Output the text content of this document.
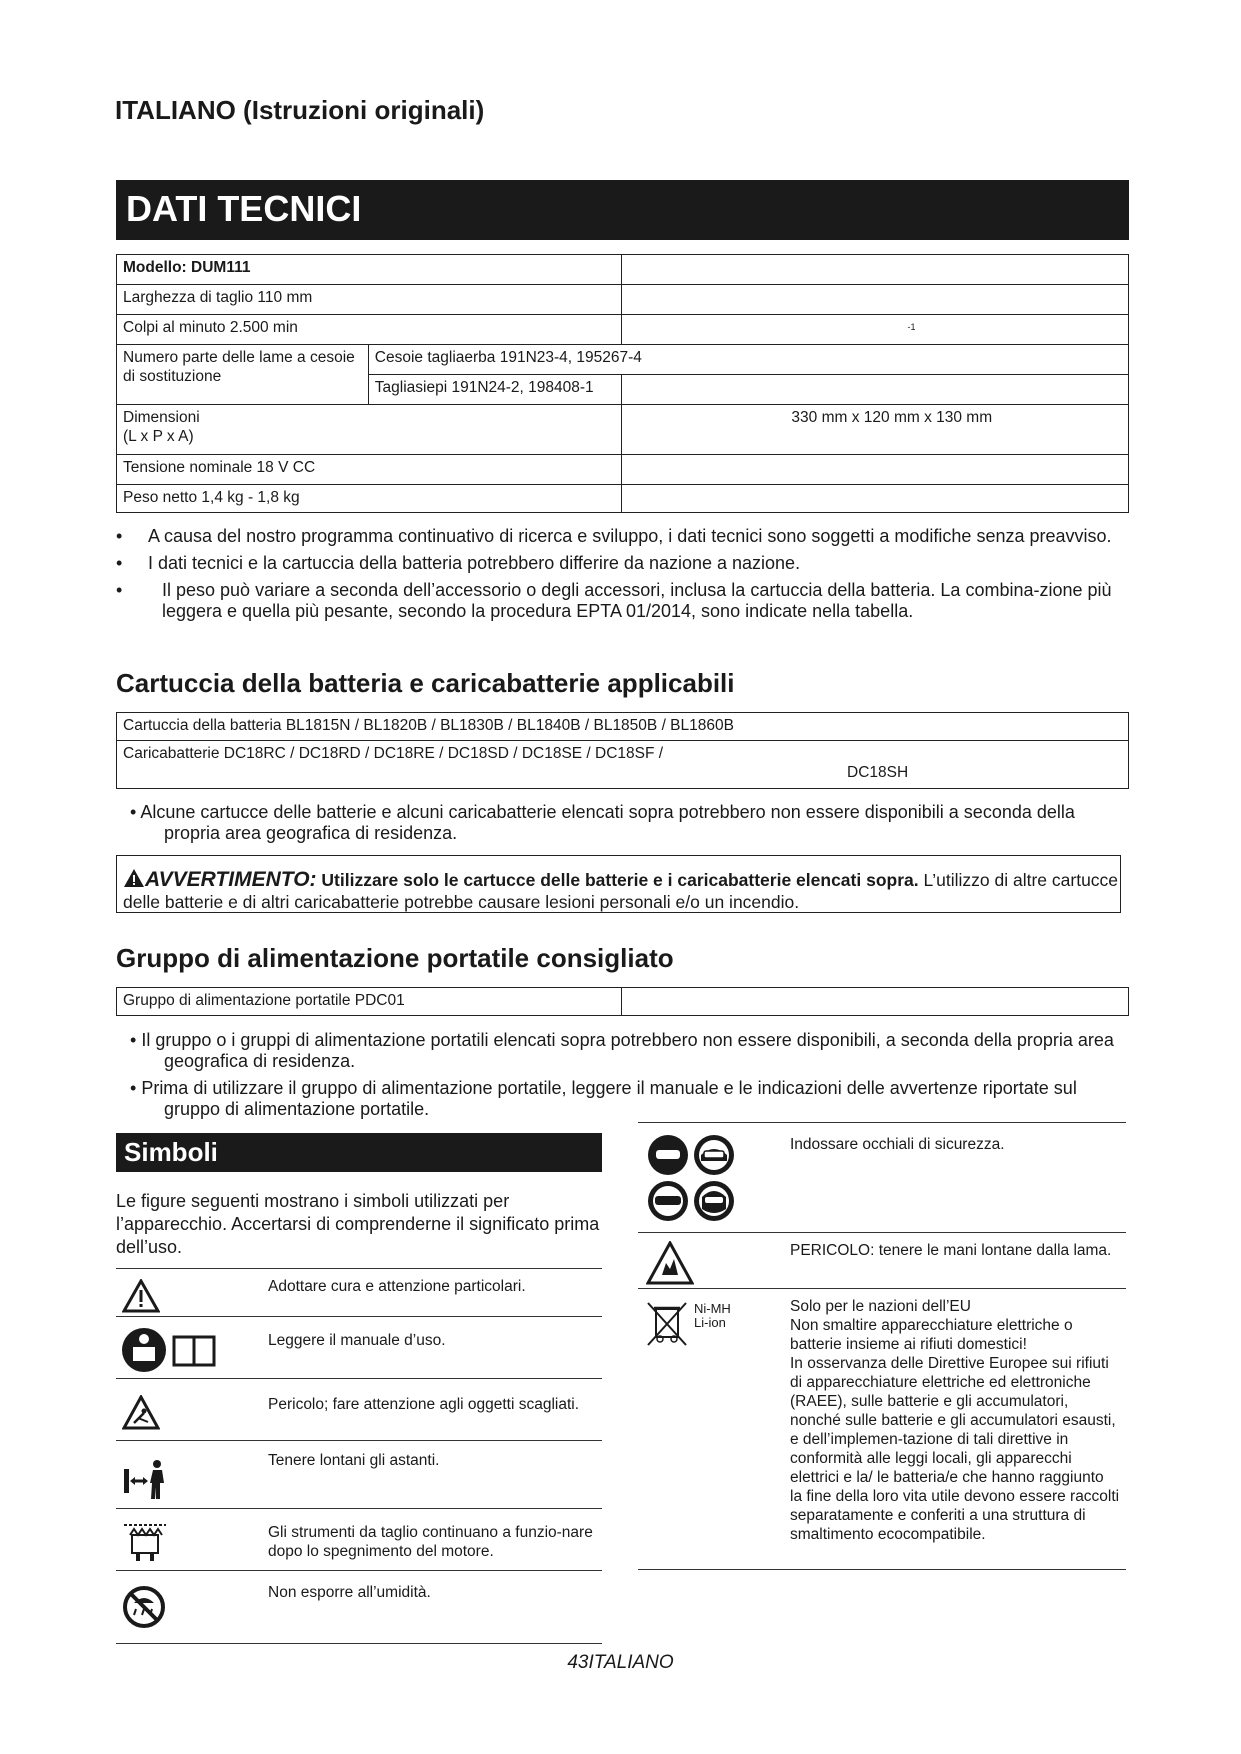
ITALIANO (Istruzioni originali)
DATI TECNICI
Modello: DUM111		
Larghezza di taglio 110 mm		
Colpi al minuto 2.500 min		$^{-1}$
Numero parte delle lame a cesoie di sostituzione	Cesoie tagliaerba 191N23-4, 195267-4	
	Tagliasiepi 191N24-2, 198408-1	
Dimensioni
(L x P x A)		330 mm x 120 mm x 130 mm
Tensione nominale 18 V CC		
Peso netto 1,4 kg - 1,8 kg		
• A causa del nostro programma continuativo di ricerca e sviluppo, i dati tecnici sono soggetti a modifiche senza preavviso.
• I dati tecnici e la cartuccia della batteria potrebbero differire da nazione a nazione.
• Il peso può variare a seconda dell’accessorio o degli accessori, inclusa la cartuccia della batteria. La combina-zione più leggera e quella più pesante, secondo la procedura EPTA 01/2014, sono indicate nella tabella.
Cartuccia della batteria e caricabatterie applicabili
Cartuccia della batteria BL1815N / BL1820B / BL1830B / BL1840B / BL1850B / BL1860B
Caricabatterie DC18RC / DC18RD / DC18RE / DC18SD / DC18SE / DC18SF /
DC18SH
• Alcune cartucce delle batterie e alcuni caricabatterie elencati sopra potrebbero non essere disponibili a seconda della propria area geografica di residenza.
AVVERTIMENTO: Utilizzare solo le cartucce delle batterie e i caricabatterie elencati sopra. L’utilizzo di altre cartucce delle batterie e di altri caricabatterie potrebbe causare lesioni personali e/o un incendio.
Gruppo di alimentazione portatile consigliato
Gruppo di alimentazione portatile PDC01	
• Il gruppo o i gruppi di alimentazione portatili elencati sopra potrebbero non essere disponibili, a seconda della propria area geografica di residenza.
• Prima di utilizzare il gruppo di alimentazione portatile, leggere il manuale e le indicazioni delle avvertenze riportate sul gruppo di alimentazione portatile.
Simboli
Le figure seguenti mostrano i simboli utilizzati per l’apparecchio. Accertarsi di comprenderne il significato prima dell’uso.
Adottare cura e attenzione particolari.
Leggere il manuale d’uso.
Pericolo; fare attenzione agli oggetti scagliati.
Tenere lontani gli astanti.
Gli strumenti da taglio continuano a funzio-nare dopo lo spegnimento del motore.
Non esporre all’umidità.
Indossare occhiali di sicurezza.
PERICOLO: tenere le mani lontane dalla lama.
Ni-MH
Li-ion
Solo per le nazioni dell’EU
Non smaltire apparecchiature elettriche o batterie insieme ai rifiuti domestici!
In osservanza delle Direttive Europee sui rifiuti di apparecchiature elettriche ed elettroniche (RAEE), sulle batterie e gli accumulatori, nonché sulle batterie e gli accumulatori esausti, e dell’implemen-tazione di tali direttive in conformità alle leggi locali, gli apparecchi elettrici e la/ le batteria/e che hanno raggiunto la fine della loro vita utile devono essere raccolti separatamente e conferiti a una struttura di smaltimento ecocompatibile.
43ITALIANO
